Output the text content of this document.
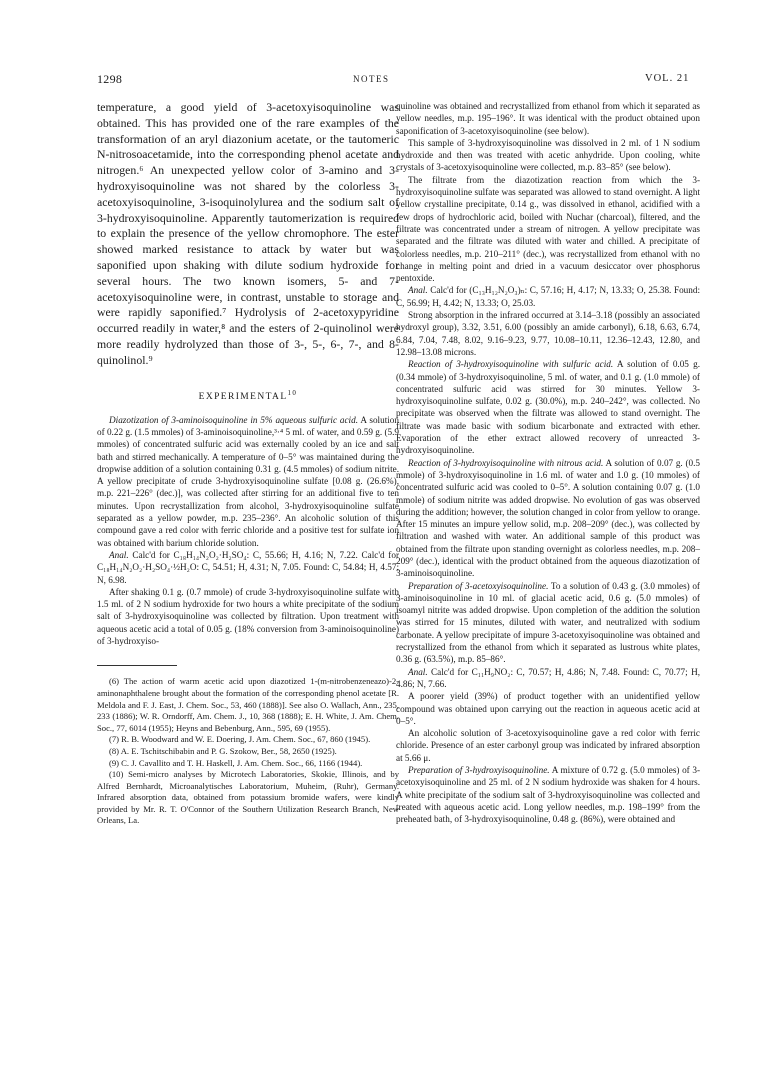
1298	NOTES	VOL. 21

temperature, a good yield of 3-acetoxyisoquinoline was obtained. This has provided one of the rare examples of the transformation of an aryl diazonium acetate, or the tautomeric N-nitrosoacetamide, into the corresponding phenol acetate and nitrogen.⁶ An unexpected yellow color of 3-amino and 3-hydroxyisoquinoline was not shared by the colorless 3-acetoxyisoquinoline, 3-isoquinolylurea and the sodium salt of 3-hydroxyisoquinoline. Apparently tautomerization is required to explain the presence of the yellow chromophore. The ester showed marked resistance to attack by water but was saponified upon shaking with dilute sodium hydroxide for several hours. The two known isomers, 5- and 7-acetoxyisoquinoline were, in contrast, unstable to storage and were rapidly saponified.⁷ Hydrolysis of 2-acetoxypyridine occurred readily in water,⁸ and the esters of 2-quinolinol were more readily hydrolyzed than those of 3-, 5-, 6-, 7-, and 8-quinolinol.⁹

EXPERIMENTAL$^{10}$

Diazotization of 3-aminoisoquinoline in 5% aqueous sulfuric acid. A solution of 0.22 g. (1.5 mmoles) of 3-aminoisoquinoline,³·⁴ 5 ml. of water, and 0.59 g. (5.9 mmoles) of concentrated sulfuric acid was externally cooled by an ice and salt bath and stirred mechanically. A temperature of 0–5° was maintained during the dropwise addition of a solution containing 0.31 g. (4.5 mmoles) of sodium nitrite. A yellow precipitate of crude 3-hydroxyisoquinoline sulfate [0.08 g. (26.6%), m.p. 221–226° (dec.)], was collected after stirring for an additional five to ten minutes. Upon recrystallization from alcohol, 3-hydroxyisoquinoline sulfate separated as a yellow powder, m.p. 235–236°. An alcoholic solution of this compound gave a red color with ferric chloride and a positive test for sulfate ion was obtained with barium chloride solution.

Anal. Calc'd for C₁₈H₁₄N₂O₂·H₂SO₄: C, 55.66; H, 4.16; N, 7.22. Calc'd for C₁₈H₁₄N₂O₂·H₂SO₄·½H₂O: C, 54.51; H, 4.31; N, 7.05. Found: C, 54.84; H, 4.57; N, 6.98.

After shaking 0.1 g. (0.7 mmole) of crude 3-hydroxyisoquinoline sulfate with 1.5 ml. of 2 N sodium hydroxide for two hours a white precipitate of the sodium salt of 3-hydroxyisoquinoline was collected by filtration. Upon treatment with aqueous acetic acid a total of 0.05 g. (18% conversion from 3-aminoisoquinoline) of 3-hydroxyiso-

(6) The action of warm acetic acid upon diazotized 1-(m-nitrobenzeneazo)-2-aminonaphthalene brought about the formation of the corresponding phenol acetate [R. Meldola and F. J. East, J. Chem. Soc., 53, 460 (1888)]. See also O. Wallach, Ann., 235, 233 (1886); W. R. Orndorff, Am. Chem. J., 10, 368 (1888); E. H. White, J. Am. Chem. Soc., 77, 6014 (1955); Heyns and Bebenburg, Ann., 595, 69 (1955).

(7) R. B. Woodward and W. E. Doering, J. Am. Chem. Soc., 67, 860 (1945).

(8) A. E. Tschitschibabin and P. G. Szokow, Ber., 58, 2650 (1925).

(9) C. J. Cavallito and T. H. Haskell, J. Am. Chem. Soc., 66, 1166 (1944).

(10) Semi-micro analyses by Microtech Laboratories, Skokie, Illinois, and by Alfred Bernhardt, Microanalytisches Laboratorium, Muheim, (Ruhr), Germany. Infrared absorption data, obtained from potassium bromide wafers, were kindly provided by Mr. R. T. O'Connor of the Southern Utilization Research Branch, New Orleans, La.

quinoline was obtained and recrystallized from ethanol from which it separated as yellow needles, m.p. 195–196°. It was identical with the product obtained upon saponification of 3-acetoxyisoquinoline (see below).

This sample of 3-hydroxyisoquinoline was dissolved in 2 ml. of 1 N sodium hydroxide and then was treated with acetic anhydride. Upon cooling, white crystals of 3-acetoxyisoquinoline were collected, m.p. 83–85° (see below).

The filtrate from the diazotization reaction from which the 3-hydroxyisoquinoline sulfate was separated was allowed to stand overnight. A light yellow crystalline precipitate, 0.14 g., was dissolved in ethanol, acidified with a few drops of hydrochloric acid, boiled with Nuchar (charcoal), filtered, and the filtrate was concentrated under a stream of nitrogen. A yellow precipitate was separated and the filtrate was diluted with water and chilled. A precipitate of colorless needles, m.p. 210–211° (dec.), was recrystallized from ethanol with no change in melting point and dried in a vacuum desiccator over phosphorus pentoxide.

Anal. Calc'd for (C₁₃H₁₂N₂O₃)ₙ: C, 57.16; H, 4.17; N, 13.33; O, 25.38. Found: C, 56.99; H, 4.42; N, 13.33; O, 25.03.

Strong absorption in the infrared occurred at 3.14–3.18 (possibly an associated hydroxyl group), 3.32, 3.51, 6.00 (possibly an amide carbonyl), 6.18, 6.63, 6.74, 6.84, 7.04, 7.48, 8.02, 9.16–9.23, 9.77, 10.08–10.11, 12.36–12.43, 12.80, and 12.98–13.08 microns.

Reaction of 3-hydroxyisoquinoline with sulfuric acid. A solution of 0.05 g. (0.34 mmole) of 3-hydroxyisoquinoline, 5 ml. of water, and 0.1 g. (1.0 mmole) of concentrated sulfuric acid was stirred for 30 minutes. Yellow 3-hydroxyisoquinoline sulfate, 0.02 g. (30.0%), m.p. 240–242°, was collected. No precipitate was observed when the filtrate was allowed to stand overnight. The filtrate was made basic with sodium bicarbonate and extracted with ether. Evaporation of the ether extract allowed recovery of unreacted 3-hydroxyisoquinoline.

Reaction of 3-hydroxyisoquinoline with nitrous acid. A solution of 0.07 g. (0.5 mmole) of 3-hydroxyisoquinoline in 1.6 ml. of water and 1.0 g. (10 mmoles) of concentrated sulfuric acid was cooled to 0–5°. A solution containing 0.07 g. (1.0 mmole) of sodium nitrite was added dropwise. No evolution of gas was observed during the addition; however, the solution changed in color from yellow to orange. After 15 minutes an impure yellow solid, m.p. 208–209° (dec.), was collected by filtration and washed with water. An additional sample of this product was obtained from the filtrate upon standing overnight as colorless needles, m.p. 208–209° (dec.), identical with the product obtained from the aqueous diazotization of 3-aminoisoquinoline.

Preparation of 3-acetoxyisoquinoline. To a solution of 0.43 g. (3.0 mmoles) of 3-aminoisoquinoline in 10 ml. of glacial acetic acid, 0.6 g. (5.0 mmoles) of isoamyl nitrite was added dropwise. Upon completion of the addition the solution was stirred for 15 minutes, diluted with water, and neutralized with sodium carbonate. A yellow precipitate of impure 3-acetoxyisoquinoline was obtained and recrystallized from the ethanol from which it separated as lustrous white plates, 0.36 g. (63.5%), m.p. 85–86°.

Anal. Calc'd for C₁₁H₉NO₂: C, 70.57; H, 4.86; N, 7.48. Found: C, 70.77; H, 4.86; N, 7.66.

A poorer yield (39%) of product together with an unidentified yellow compound was obtained upon carrying out the reaction in aqueous acetic acid at 0–5°.

An alcoholic solution of 3-acetoxyisoquinoline gave a red color with ferric chloride. Presence of an ester carbonyl group was indicated by infrared absorption at 5.66 μ.

Preparation of 3-hydroxyisoquinoline. A mixture of 0.72 g. (5.0 mmoles) of 3-acetoxyisoquinoline and 25 ml. of 2 N sodium hydroxide was shaken for 4 hours. A white precipitate of the sodium salt of 3-hydroxyisoquinoline was collected and treated with aqueous acetic acid. Long yellow needles, m.p. 198–199° from the preheated bath, of 3-hydroxyisoquinoline, 0.48 g. (86%), were obtained and
